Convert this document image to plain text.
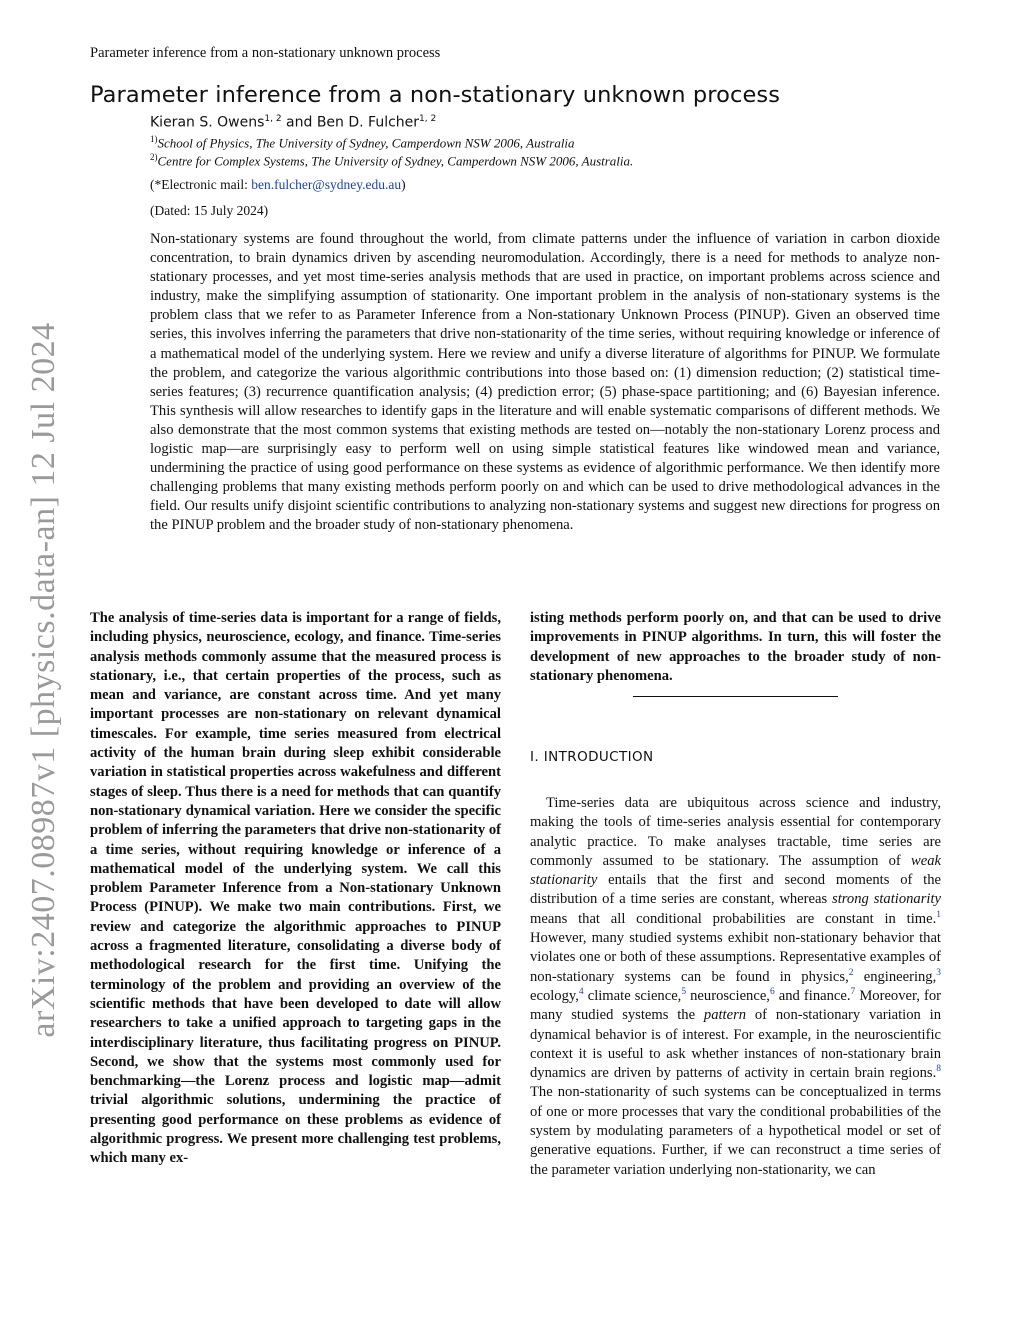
Parameter inference from a non-stationary unknown process
arXiv:2407.08987v1 [physics.data-an] 12 Jul 2024
Parameter inference from a non-stationary unknown process
Kieran S. Owens$^{1, 2}$ and Ben D. Fulcher$^{1, 2}$
$^{1)}$School of Physics, The University of Sydney, Camperdown NSW 2006, Australia
$^{2)}$Centre for Complex Systems, The University of Sydney, Camperdown NSW 2006, Australia.
(*Electronic mail: ben.fulcher@sydney.edu.au)
(Dated: 15 July 2024)

Non-stationary systems are found throughout the world, from climate patterns under the influence of variation in carbon dioxide concentration, to brain dynamics driven by ascending neuromodulation. Accordingly, there is a need for methods to analyze non-stationary processes, and yet most time-series analysis methods that are used in practice, on important problems across science and industry, make the simplifying assumption of stationarity. One important problem in the analysis of non-stationary systems is the problem class that we refer to as Parameter Inference from a Non-stationary Unknown Process (PINUP). Given an observed time series, this involves inferring the parameters that drive non-stationarity of the time series, without requiring knowledge or inference of a mathematical model of the underlying system. Here we review and unify a diverse literature of algorithms for PINUP. We formulate the problem, and categorize the various algorithmic contributions into those based on: (1) dimension reduction; (2) statistical time-series features; (3) recurrence quantification analysis; (4) prediction error; (5) phase-space partitioning; and (6) Bayesian inference. This synthesis will allow researches to identify gaps in the literature and will enable systematic comparisons of different methods. We also demonstrate that the most common systems that existing methods are tested on—notably the non-stationary Lorenz process and logistic map—are surprisingly easy to perform well on using simple statistical features like windowed mean and variance, undermining the practice of using good performance on these systems as evidence of algorithmic performance. We then identify more challenging problems that many existing methods perform poorly on and which can be used to drive methodological advances in the field. Our results unify disjoint scientific contributions to analyzing non-stationary systems and suggest new directions for progress on the PINUP problem and the broader study of non-stationary phenomena.

The analysis of time-series data is important for a range of fields, including physics, neuroscience, ecology, and finance. Time-series analysis methods commonly assume that the measured process is stationary, i.e., that certain properties of the process, such as mean and variance, are constant across time. And yet many important processes are non-stationary on relevant dynamical timescales. For example, time series measured from electrical activity of the human brain during sleep exhibit considerable variation in statistical properties across wakefulness and different stages of sleep. Thus there is a need for methods that can quantify non-stationary dynamical variation. Here we consider the specific problem of inferring the parameters that drive non-stationarity of a time series, without requiring knowledge or inference of a mathematical model of the underlying system. We call this problem Parameter Inference from a Non-stationary Unknown Process (PINUP). We make two main contributions. First, we review and categorize the algorithmic approaches to PINUP across a fragmented literature, consolidating a diverse body of methodological research for the first time. Unifying the terminology of the problem and providing an overview of the scientific methods that have been developed to date will allow researchers to take a unified approach to targeting gaps in the interdisciplinary literature, thus facilitating progress on PINUP. Second, we show that the systems most commonly used for benchmarking—the Lorenz process and logistic map—admit trivial algorithmic solutions, undermining the practice of presenting good performance on these problems as evidence of algorithmic progress. We present more challenging test problems, which many ex-

isting methods perform poorly on, and that can be used to drive improvements in PINUP algorithms. In turn, this will foster the development of new approaches to the broader study of non-stationary phenomena.

I. INTRODUCTION

Time-series data are ubiquitous across science and industry, making the tools of time-series analysis essential for contemporary analytic practice. To make analyses tractable, time series are commonly assumed to be stationary. The assumption of weak stationarity entails that the first and second moments of the distribution of a time series are constant, whereas strong stationarity means that all conditional probabilities are constant in time.$^1$ However, many studied systems exhibit non-stationary behavior that violates one or both of these assumptions. Representative examples of non-stationary systems can be found in physics,$^2$ engineering,$^3$ ecology,$^4$ climate science,$^5$ neuroscience,$^6$ and finance.$^7$ Moreover, for many studied systems the pattern of non-stationary variation in dynamical behavior is of interest. For example, in the neuroscientific context it is useful to ask whether instances of non-stationary brain dynamics are driven by patterns of activity in certain brain regions.$^8$ The non-stationarity of such systems can be conceptualized in terms of one or more processes that vary the conditional probabilities of the system by modulating parameters of a hypothetical model or set of generative equations. Further, if we can reconstruct a time series of the parameter variation underlying non-stationarity, we can
